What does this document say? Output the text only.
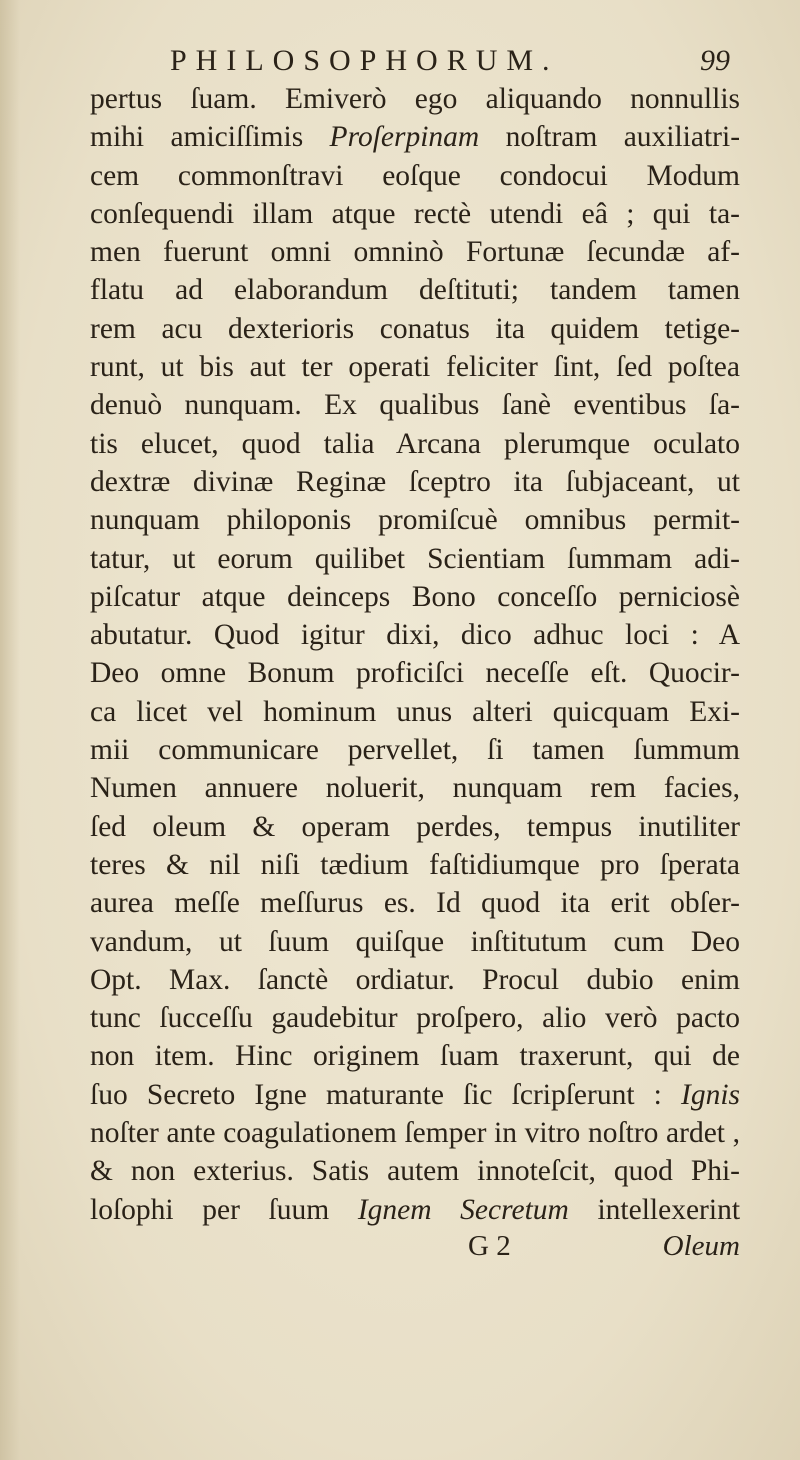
PHILOSOPHORUM.	99
pertus ſuam. Emiverò ego aliquando nonnullis
mihi amiciſſimis Proſerpinam noſtram auxiliatri-
cem commonſtravi eoſque condocui Modum
conſequendi illam atque rectè utendi eâ ; qui ta-
men fuerunt omni omninò Fortunæ ſecundæ af-
flatu ad elaborandum deſtituti; tandem tamen
rem acu dexterioris conatus ita quidem tetige-
runt, ut bis aut ter operati feliciter ſint, ſed poſtea
denuò nunquam. Ex qualibus ſanè eventibus ſa-
tis elucet, quod talia Arcana plerumque oculato
dextræ divinæ Reginæ ſceptro ita ſubjaceant, ut
nunquam philoponis promiſcuè omnibus permit-
tatur, ut eorum quilibet Scientiam ſummam adi-
piſcatur atque deinceps Bono conceſſo perniciosè
abutatur. Quod igitur dixi, dico adhuc loci : A
Deo omne Bonum proficiſci neceſſe eſt. Quocir-
ca licet vel hominum unus alteri quicquam Exi-
mii communicare pervellet, ſi tamen ſummum
Numen annuere noluerit, nunquam rem facies,
ſed oleum & operam perdes, tempus inutiliter
teres & nil niſi tædium faſtidiumque pro ſperata
aurea meſſe meſſurus es. Id quod ita erit obſer-
vandum, ut ſuum quiſque inſtitutum cum Deo
Opt. Max. ſanctè ordiatur. Procul dubio enim
tunc ſucceſſu gaudebitur proſpero, alio verò pacto
non item. Hinc originem ſuam traxerunt, qui de
ſuo Secreto Igne maturante ſic ſcripſerunt : Ignis
noſter ante coagulationem ſemper in vitro noſtro ardet ,
& non exterius. Satis autem innoteſcit, quod Phi-
loſophi per ſuum Ignem Secretum intellexerint
G 2	Oleum
